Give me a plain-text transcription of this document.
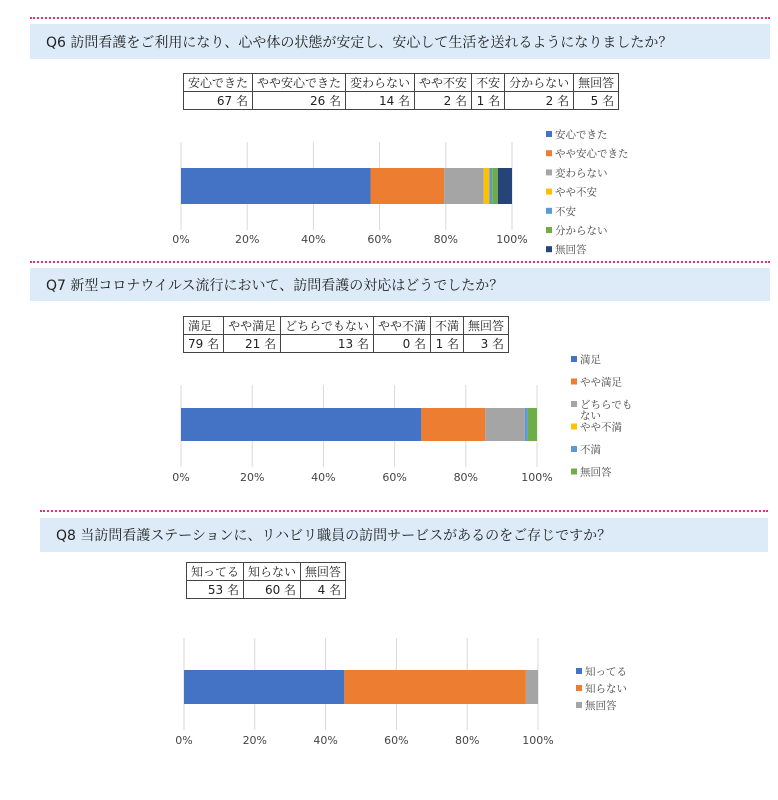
Q6 訪問看護をご利用になり、心や体の状態が安定し、安心して生活を送れるようになりましたか？
安心できた	やや安心できた	変わらない	やや不安	不安	分からない	無回答
67 名	26 名	14 名	2 名	1 名	2 名	5 名
Q7 新型コロナウイルス流行において、訪問看護の対応はどうでしたか？
満足	やや満足	どちらでもない	やや不満	不満	無回答
79 名	21 名	13 名	0 名	1 名	3 名
Q8 当訪問看護ステーションに、リハビリ職員の訪問サービスがあるのをご存じですか？
知ってる	知らない	無回答
53 名	60 名	4 名
0%	20%	40%	60%	80%	100%
安心できた
やや安心できた
変わらない
やや不安
不安
分からない
無回答
0%	20%	40%	60%	80%	100%
満足
やや満足
どちらでも
ない
やや不満
不満
無回答
0%	20%	40%	60%	80%	100%
知ってる
知らない
無回答
